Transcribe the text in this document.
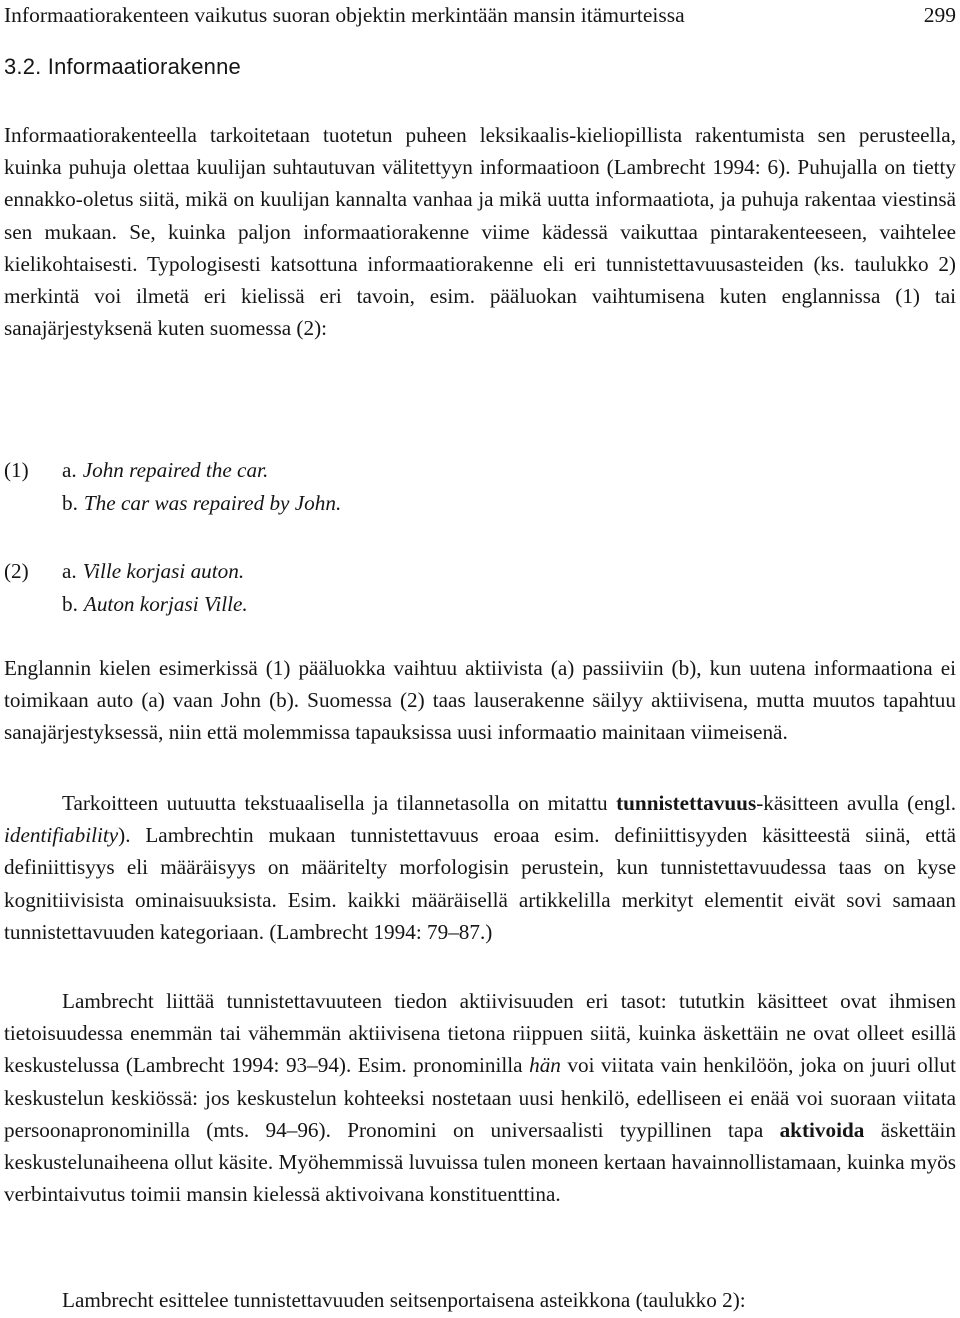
Informaatiorakenteen vaikutus suoran objektin merkintään mansin itämurteissa	299
3.2. Informaatiorakenne

Informaatiorakenteella tarkoitetaan tuotetun puheen leksikaalis-kieliopillista rakentumista sen perusteella, kuinka puhuja olettaa kuulijan suhtautuvan välitettyyn informaatioon (Lambrecht 1994: 6). Puhujalla on tietty ennakko-oletus siitä, mikä on kuulijan kannalta vanhaa ja mikä uutta informaatiota, ja puhuja rakentaa viestinsä sen mukaan. Se, kuinka paljon informaatiorakenne viime kädessä vaikuttaa pintarakenteeseen, vaihtelee kielikohtaisesti. Typologisesti katsottuna informaatiorakenne eli eri tunnistettavuusasteiden (ks. taulukko 2) merkintä voi ilmetä eri kielissä eri tavoin, esim. pääluokan vaihtumisena kuten englannissa (1) tai sanajärjestyksenä kuten suomessa (2):

(1)	a. John repaired the car.
b. The car was repaired by John.
(2)	a. Ville korjasi auton.
b. Auton korjasi Ville.

Englannin kielen esimerkissä (1) pääluokka vaihtuu aktiivista (a) passiiviin (b), kun uutena informaationa ei toimikaan auto (a) vaan John (b). Suomessa (2) taas lauserakenne säilyy aktiivisena, mutta muutos tapahtuu sanajärjestyksessä, niin että molemmissa tapauksissa uusi informaatio mainitaan viimeisenä.

Tarkoitteen uutuutta tekstuaalisella ja tilannetasolla on mitattu tunnistettavuus-käsitteen avulla (engl. identifiability). Lambrechtin mukaan tunnistettavuus eroaa esim. definiittisyyden käsitteestä siinä, että definiittisyys eli määräisyys on määritelty morfologisin perustein, kun tunnistettavuudessa taas on kyse kognitiivisista ominaisuuksista. Esim. kaikki määräisellä artikkelilla merkityt elementit eivät sovi samaan tunnistettavuuden kategoriaan. (Lambrecht 1994: 79–87.)

Lambrecht liittää tunnistettavuuteen tiedon aktiivisuuden eri tasot: tututkin käsitteet ovat ihmisen tietoisuudessa enemmän tai vähemmän aktiivisena tietona riippuen siitä, kuinka äskettäin ne ovat olleet esillä keskustelussa (Lambrecht 1994: 93–94). Esim. pronominilla hän voi viitata vain henkilöön, joka on juuri ollut keskustelun keskiössä: jos keskustelun kohteeksi nostetaan uusi henkilö, edelliseen ei enää voi suoraan viitata persoonapronominilla (mts. 94–96). Pronomini on universaalisti tyypillinen tapa aktivoida äskettäin keskustelunaiheena ollut käsite. Myöhemmissä luvuissa tulen moneen kertaan havainnollistamaan, kuinka myös verbintaivutus toimii mansin kielessä aktivoivana konstituenttina.

Lambrecht esittelee tunnistettavuuden seitsenportaisena asteikkona (taulukko 2):
